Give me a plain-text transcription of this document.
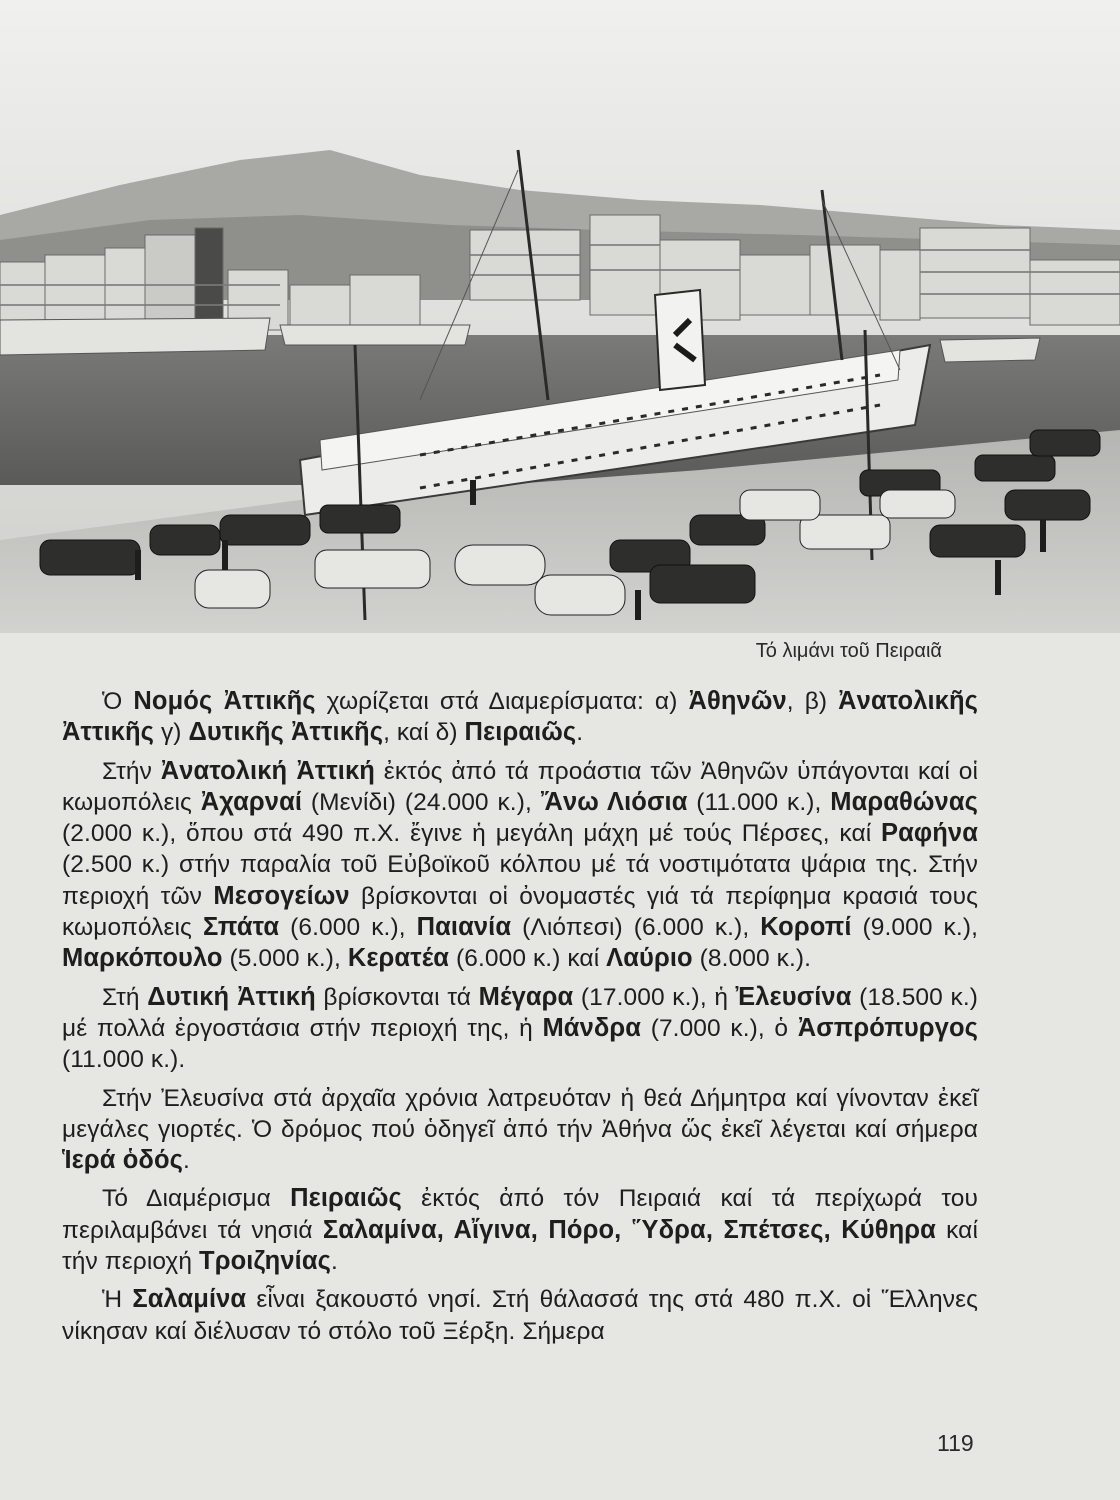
Τό λιμάνι τοῦ Πειραιᾶ

Ὁ Νομός Ἀττικῆς χωρίζεται στά Διαμερίσματα: α) Ἀθηνῶν, β) Ἀνατολικῆς Ἀττικῆς γ) Δυτικῆς Ἀττικῆς, καί δ) Πειραιῶς.

Στήν Ἀνατολική Ἀττική ἐκτός ἀπό τά προάστια τῶν Ἀθηνῶν ὑπάγονται καί οἱ κωμοπόλεις Ἀχαρναί (Μενίδι) (24.000 κ.), Ἄνω Λιόσια (11.000 κ.), Μαραθώνας (2.000 κ.), ὅπου στά 490 π.Χ. ἔγινε ἡ μεγάλη μάχη μέ τούς Πέρσες, καί Ραφήνα (2.500 κ.) στήν παραλία τοῦ Εὐβοϊκοῦ κόλπου μέ τά νοστιμότατα ψάρια της. Στήν περιοχή τῶν Μεσογείων βρίσκονται οἱ ὀνομαστές γιά τά περίφημα κρασιά τους κωμοπόλεις Σπάτα (6.000 κ.), Παιανία (Λιόπεσι) (6.000 κ.), Κοροπί (9.000 κ.), Μαρκόπουλο (5.000 κ.), Κερατέα (6.000 κ.) καί Λαύριο (8.000 κ.).

Στή Δυτική Ἀττική βρίσκονται τά Μέγαρα (17.000 κ.), ἡ Ἐλευσίνα (18.500 κ.) μέ πολλά ἐργοστάσια στήν περιοχή της, ἡ Μάνδρα (7.000 κ.), ὁ Ἀσπρόπυργος (11.000 κ.).

Στήν Ἐλευσίνα στά ἀρχαῖα χρόνια λατρευόταν ἡ θεά Δήμητρα καί γίνονταν ἐκεῖ μεγάλες γιορτές. Ὁ δρόμος πού ὁδηγεῖ ἀπό τήν Ἀθήνα ὥς ἐκεῖ λέγεται καί σήμερα Ἱερά ὁδός.

Τό Διαμέρισμα Πειραιῶς ἐκτός ἀπό τόν Πειραιά καί τά περίχωρά του περιλαμβάνει τά νησιά Σαλαμίνα, Αἴγινα, Πόρο, Ὕδρα, Σπέτσες, Κύθηρα καί τήν περιοχή Τροιζηνίας.

Ἡ Σαλαμίνα εἶναι ξακουστό νησί. Στή θάλασσά της στά 480 π.Χ. οἱ Ἕλληνες νίκησαν καί διέλυσαν τό στόλο τοῦ Ξέρξη. Σήμερα

119
